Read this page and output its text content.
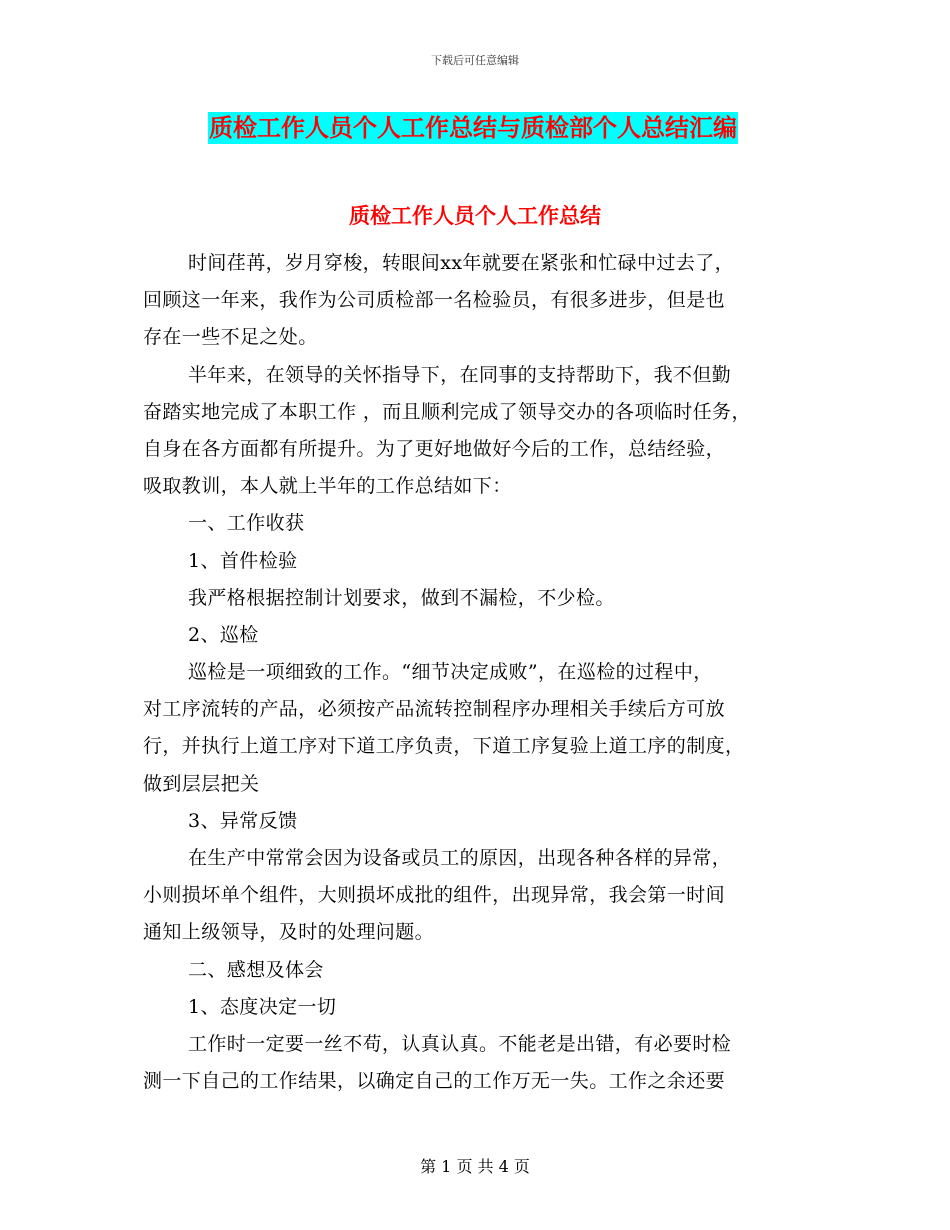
下载后可任意编辑
质检工作人员个人工作总结与质检部个人总结汇编
质检工作人员个人工作总结
时间荏苒，岁月穿梭，转眼间xx年就要在紧张和忙碌中过去了，
回顾这一年来，我作为公司质检部一名检验员，有很多进步，但是也
存在一些不足之处。
半年来，在领导的关怀指导下，在同事的支持帮助下，我不但勤
奋踏实地完成了本职工作 ，而且顺利完成了领导交办的各项临时任务，
自身在各方面都有所提升。为了更好地做好今后的工作，总结经验，
吸取教训，本人就上半年的工作总结如下：
一、工作收获
1、首件检验
我严格根据控制计划要求，做到不漏检，不少检。
2、巡检
巡检是一项细致的工作。“细节决定成败”，在巡检的过程中，
对工序流转的产品，必须按产品流转控制程序办理相关手续后方可放
行，并执行上道工序对下道工序负责，下道工序复验上道工序的制度，
做到层层把关
3、异常反馈
在生产中常常会因为设备或员工的原因，出现各种各样的异常，
小则损坏单个组件，大则损坏成批的组件，出现异常，我会第一时间
通知上级领导，及时的处理问题。
二、感想及体会
1、态度决定一切
工作时一定要一丝不苟，认真认真。不能老是出错，有必要时检
测一下自己的工作结果，以确定自己的工作万无一失。工作之余还要
第 1 页 共 4 页
